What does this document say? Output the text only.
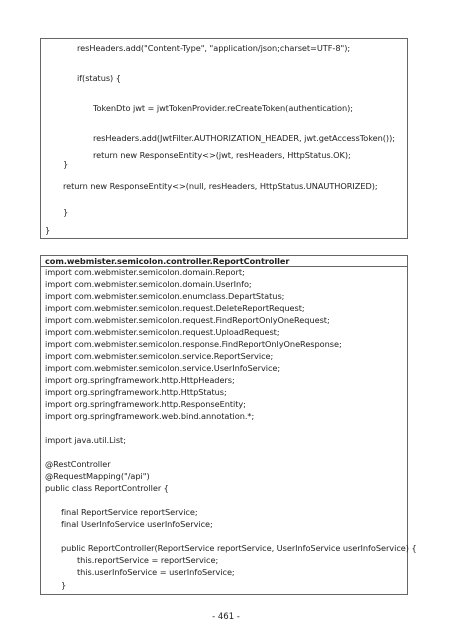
resHeaders.add("Content-Type", "application/json;charset=UTF-8");
if(status) {
TokenDto jwt = jwtTokenProvider.reCreateToken(authentication);
resHeaders.add(JwtFilter.AUTHORIZATION_HEADER, jwt.getAccessToken());
return new ResponseEntity<>(jwt, resHeaders, HttpStatus.OK);
}
return new ResponseEntity<>(null, resHeaders, HttpStatus.UNAUTHORIZED);
}
}
com.webmister.semicolon.controller.ReportController
import com.webmister.semicolon.domain.Report;
import com.webmister.semicolon.domain.UserInfo;
import com.webmister.semicolon.enumclass.DepartStatus;
import com.webmister.semicolon.request.DeleteReportRequest;
import com.webmister.semicolon.request.FindReportOnlyOneRequest;
import com.webmister.semicolon.request.UploadRequest;
import com.webmister.semicolon.response.FindReportOnlyOneResponse;
import com.webmister.semicolon.service.ReportService;
import com.webmister.semicolon.service.UserInfoService;
import org.springframework.http.HttpHeaders;
import org.springframework.http.HttpStatus;
import org.springframework.http.ResponseEntity;
import org.springframework.web.bind.annotation.*;
import java.util.List;
@RestController
@RequestMapping("/api")
public class ReportController {
final ReportService reportService;
final UserInfoService userInfoService;
public ReportController(ReportService reportService, UserInfoService userInfoService) {
this.reportService = reportService;
this.userInfoService = userInfoService;
}
- 461 -
